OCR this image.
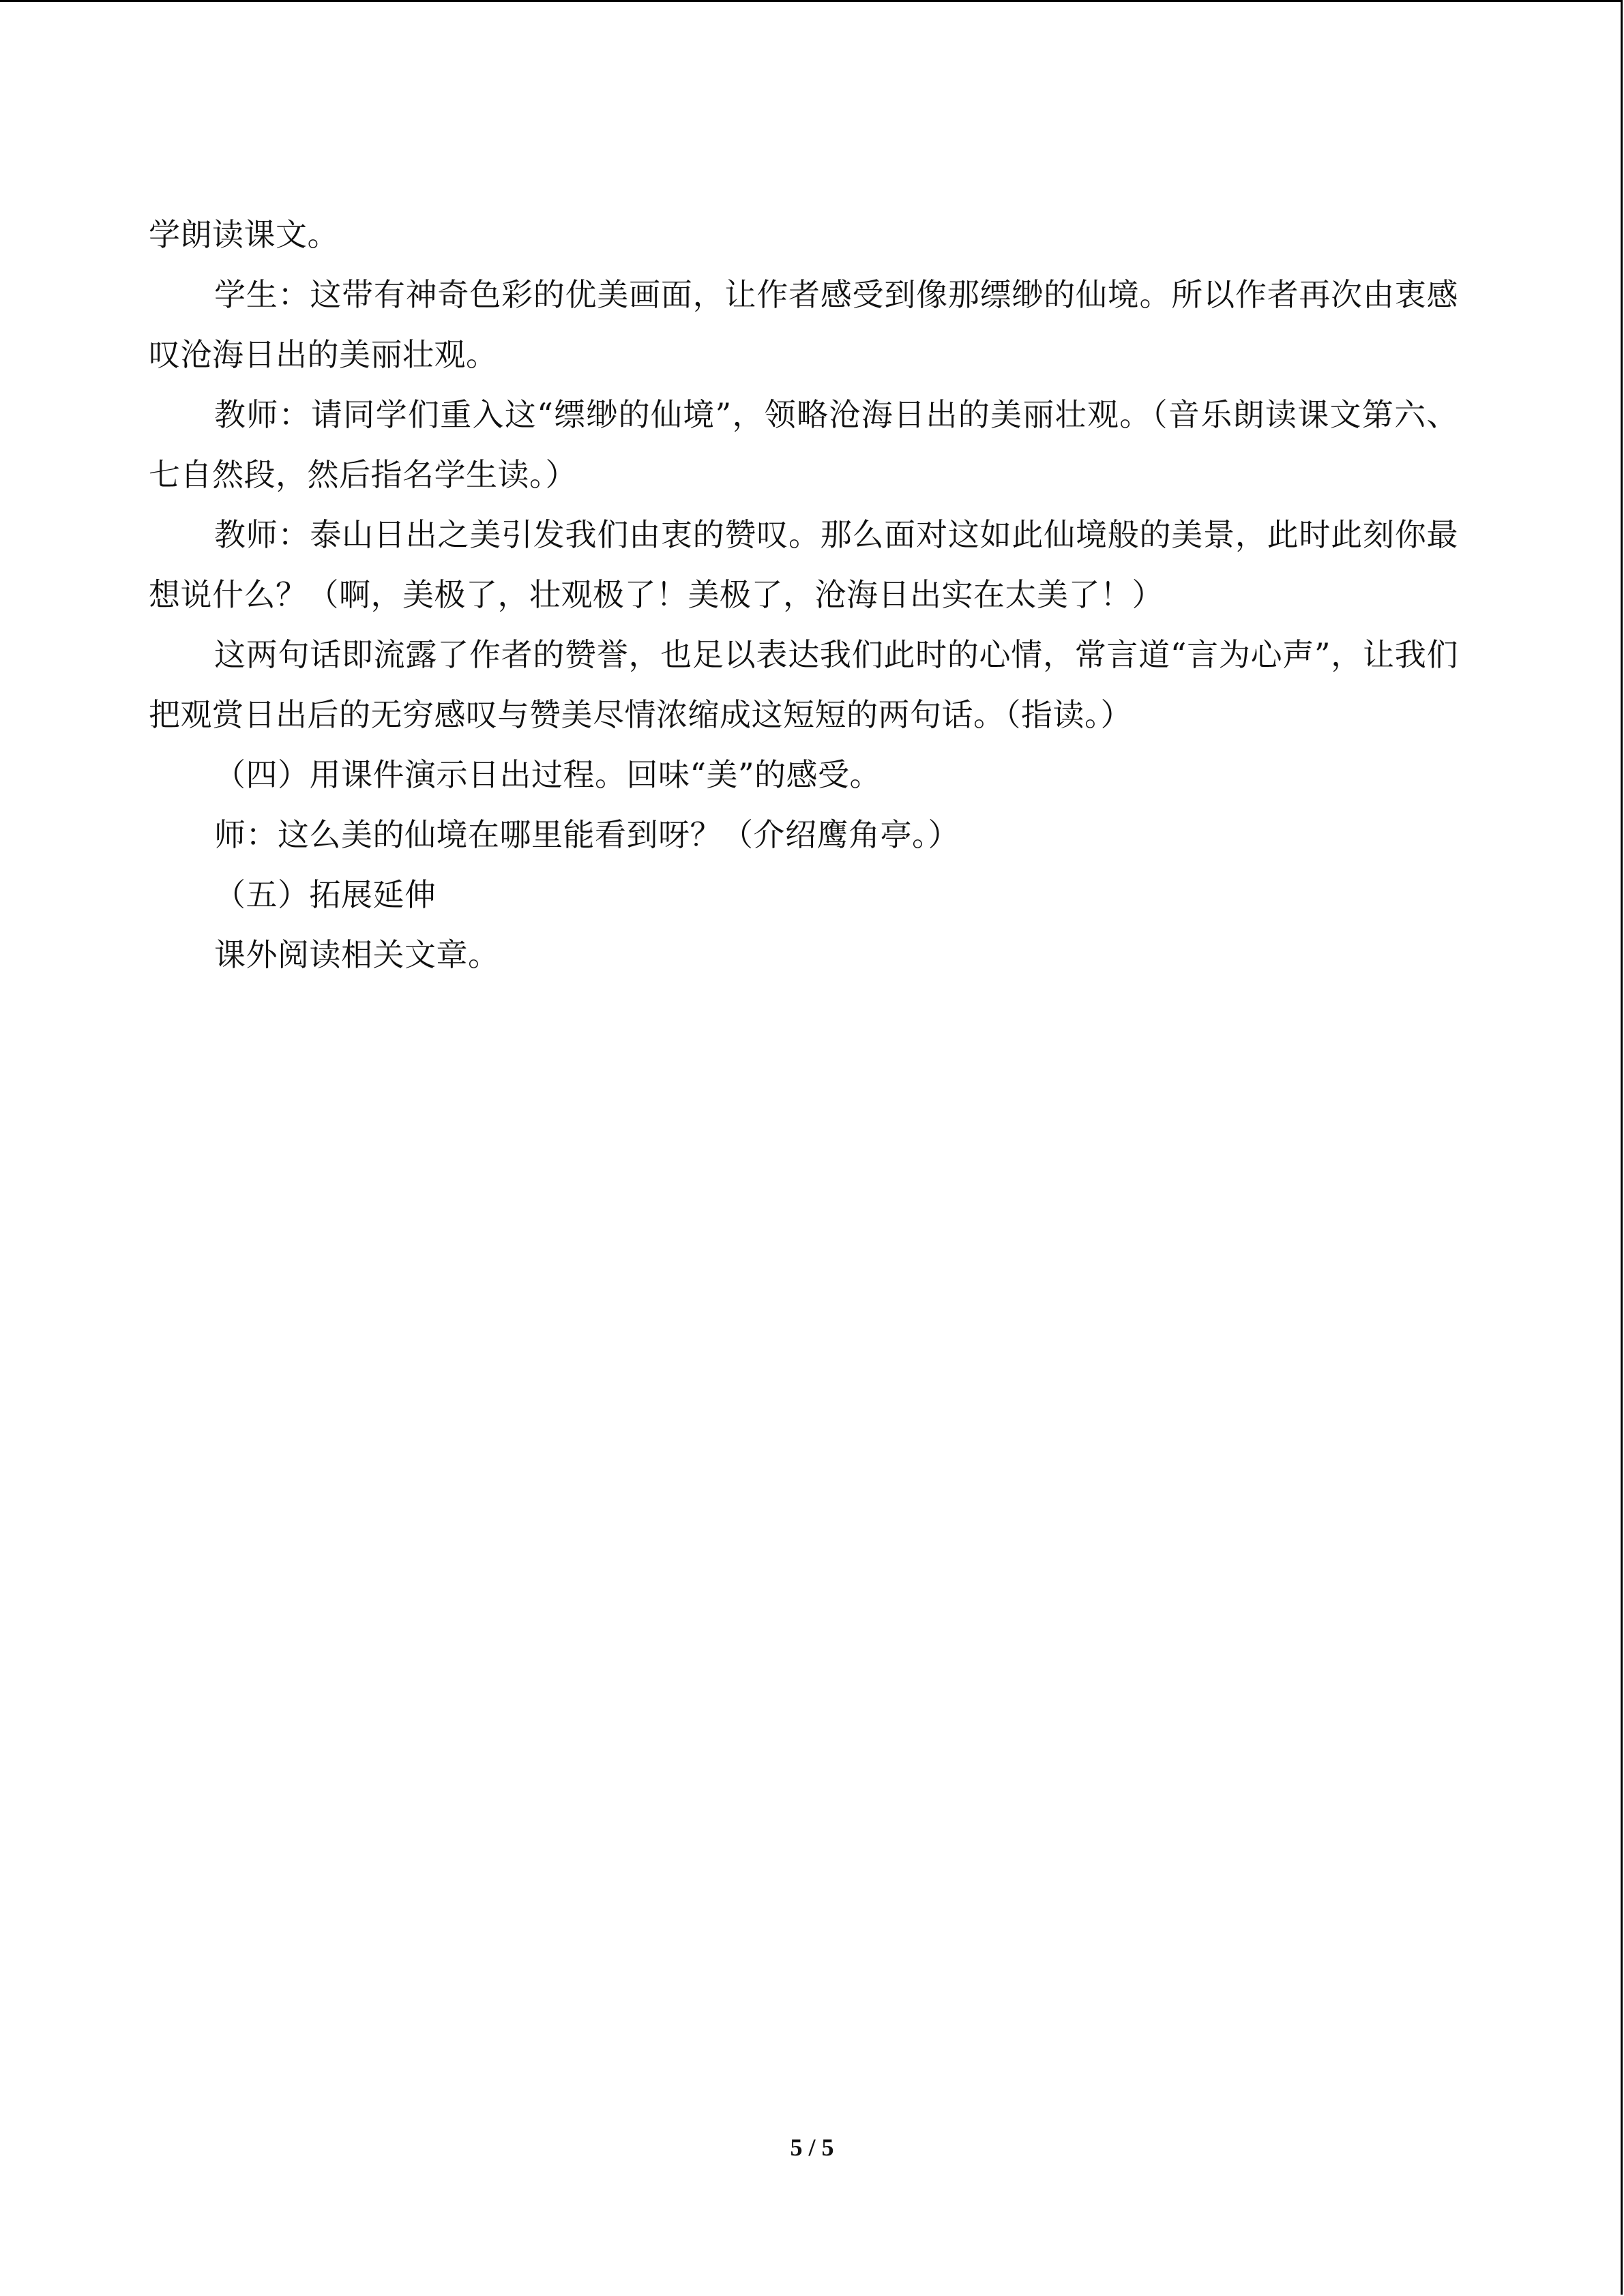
学朗读课文。

学生：这带有神奇色彩的优美画面，让作者感受到像那缥缈的仙境。所以作者再次由衷感叹沧海日出的美丽壮观。

教师：请同学们重入这“缥缈的仙境”，领略沧海日出的美丽壮观。（音乐朗读课文第六、七自然段，然后指名学生读。）

教师：泰山日出之美引发我们由衷的赞叹。那么面对这如此仙境般的美景，此时此刻你最想说什么？（啊，美极了，壮观极了！美极了，沧海日出实在太美了！）

这两句话即流露了作者的赞誉，也足以表达我们此时的心情，常言道“言为心声”，让我们把观赏日出后的无穷感叹与赞美尽情浓缩成这短短的两句话。（指读。）

（四）用课件演示日出过程。回味“美”的感受。

师：这么美的仙境在哪里能看到呀？（介绍鹰角亭。）

（五）拓展延伸

课外阅读相关文章。

5 / 5
